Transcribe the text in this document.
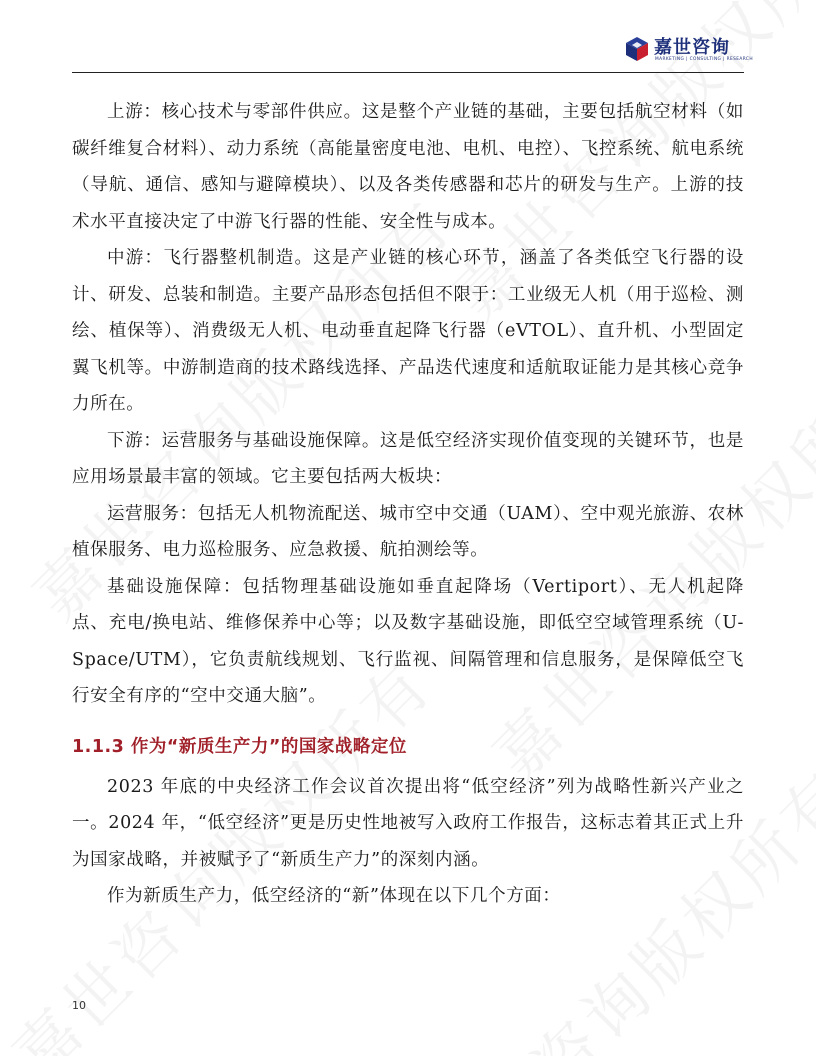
嘉世咨询
MARKETING | CONSULTING | RESEARCH

上游：核心技术与零部件供应。这是整个产业链的基础，主要包括航空材料（如碳纤维复合材料）、动力系统（高能量密度电池、电机、电控）、飞控系统、航电系统（导航、通信、感知与避障模块）、以及各类传感器和芯片的研发与生产。上游的技术水平直接决定了中游飞行器的性能、安全性与成本。

中游：飞行器整机制造。这是产业链的核心环节，涵盖了各类低空飞行器的设计、研发、总装和制造。主要产品形态包括但不限于：工业级无人机（用于巡检、测绘、植保等）、消费级无人机、电动垂直起降飞行器（eVTOL）、直升机、小型固定翼飞机等。中游制造商的技术路线选择、产品迭代速度和适航取证能力是其核心竞争力所在。

下游：运营服务与基础设施保障。这是低空经济实现价值变现的关键环节，也是应用场景最丰富的领域。它主要包括两大板块：

运营服务：包括无人机物流配送、城市空中交通（UAM）、空中观光旅游、农林植保服务、电力巡检服务、应急救援、航拍测绘等。

基础设施保障：包括物理基础设施如垂直起降场（Vertiport）、无人机起降点、充电/换电站、维修保养中心等；以及数字基础设施，即低空空域管理系统（U-Space/UTM），它负责航线规划、飞行监视、间隔管理和信息服务，是保障低空飞行安全有序的“空中交通大脑”。

1.1.3 作为“新质生产力”的国家战略定位

2023 年底的中央经济工作会议首次提出将“低空经济”列为战略性新兴产业之一。2024 年，“低空经济”更是历史性地被写入政府工作报告，这标志着其正式上升为国家战略，并被赋予了“新质生产力”的深刻内涵。

作为新质生产力，低空经济的“新”体现在以下几个方面：

10
